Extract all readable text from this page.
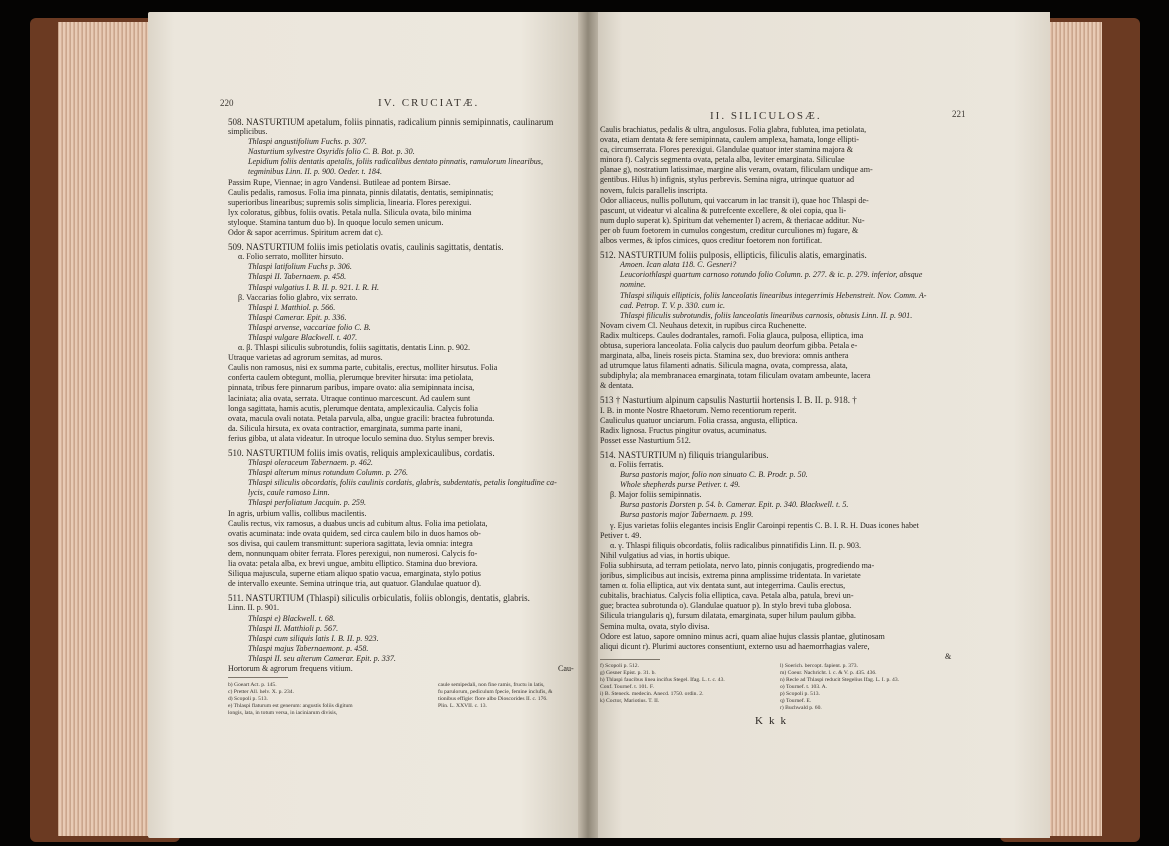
220	IV. CRUCIATÆ.
508. NASTURTIUM apetalum, foliis pinnatis, radicalium pinnis semipinnatis, caulinarum
simplicibus.
Thlaspi angustifolium Fuchs. p. 307.
Nasturtium sylvestre Osyridis folio C. B. Bot. p. 30.
Lepidium foliis dentatis apetalis, foliis radicalibus dentato pinnatis, ramulorum linearibus,
tegminibus Linn. II. p. 900. Oeder. t. 184.
Passim Rupe, Viennae; in agro Vandensi. Butileae ad pontem Birsae.
Caulis pedalis, ramosus. Folia ima pinnata, pinnis dilatatis, dentatis, semipinnatis;
superioribus linearibus; supremis solis simplicia, linearia. Flores perexigui.
lyx coloratus, gibbus, foliis ovatis. Petala nulla. Silicula ovata, bilo minima
styloque. Stamina tantum duo b). In quoque loculo semen unicum.
Odor & sapor acerrimus. Spiritum acrem dat c).

509. NASTURTIUM foliis imis petiolatis ovatis, caulinis sagittatis, dentatis.
α. Folio serrato, molliter hirsuto.
Thlaspi latifolium Fuchs p. 306.
Thlaspi II. Tabernaem. p. 458.
Thlaspi vulgatius I. B. II. p. 921. I. R. H.
β. Vaccarias folio glabro, vix serrato.
Thlaspi I. Matthiol. p. 566.
Thlaspi Camerar. Epit. p. 336.
Thlaspi arvense, vaccariae folio C. B.
Thlaspi vulgare Blackwell. t. 407.
α. β. Thlaspi siliculis subrotundis, foliis sagittatis, dentatis Linn. p. 902.
Utraque varietas ad agrorum semitas, ad muros.
Caulis non ramosus, nisi ex summa parte, cubitalis, erectus, molliter hirsutus. Folia
conferta caulem obtegunt, mollia, plerumque breviter hirsuta: ima petiolata,
pinnata, tribus fere pinnarum paribus, impare ovato: alia semipinnata incisa,
laciniata; alia ovata, serrata. Utraque continuo marcescunt. Ad caulem sunt
longa sagittata, hamis acutis, plerumque dentata, amplexicaulia. Calycis folia
ovata, macula ovali notata. Petala parvula, alba, ungue gracili: bractea fubrotunda.
da. Silicula hirsuta, ex ovata contractior, emarginata, summa parte inani,
ferius gibba, ut alata videatur. In utroque loculo semina duo. Stylus semper brevis.

510. NASTURTIUM foliis imis ovatis, reliquis amplexicaulibus, cordatis.
Thlaspi oleraceum Tabernaem. p. 462.
Thlaspi alterum minus rotundum Column. p. 276.
Thlaspi siliculis obcordatis, foliis caulinis cordatis, glabris, subdentatis, petalis longitudine ca-
lycis, caule ramoso Linn.
Thlaspi perfoliatum Jacquin. p. 259.
In agris, urbium vallis, collibus macilentis.
Caulis rectus, vix ramosus, a duabus uncis ad cubitum altus. Folia ima petiolata,
ovatis acuminata: inde ovata quidem, sed circa caulem bilo in duos hamos ob-
sos divisa, qui caulem transmittunt: superiora sagittata, levia omnia: integra
dem, nonnunquam obiter ferrata. Flores perexigui, non numerosi. Calycis fo-
lia ovata: petala alba, ex brevi ungue, ambitu elliptico. Stamina duo breviora.
Siliqua majuscula, superne etiam aliquo spatio vacua, emarginata, stylo potius
de intervallo exeunte. Semina utrinque tria, aut quatuor. Glandulae quatuor d).

511. NASTURTIUM (Thlaspi) siliculis orbiculatis, foliis oblongis, dentatis, glabris.
Linn. II. p. 901.
Thlaspi e) Blackwell. t. 68.
Thlaspi II. Matthioli p. 567.
Thlaspi cum siliquis latis I. B. II. p. 923.
Thlaspi majus Tabernaemont. p. 458.
Thlaspi II. seu alterum Camerar. Epit. p. 337.
Hortorum & agrorum frequens vitium.
b) Goeart Act. p. 145.
c) Pretter All. helv. X. p. 234.
d) Scopoli p. 513.
e) Thlaspi flaturum est generum: angustis foliis digitum
longis, lata, in totum versa, in iaciniarum divisis,
caule semipedali, non fine ramis, fructu in latis,
fu parulorum, pediculum fpecie, femine inclufis, &
tionibus effigie: flore albo Dioscorides II. c. 176.
Plin. L. XXVII. c. 13.
Cau-
II. SILICULOSÆ.	221
Caulis brachiatus, pedalis & ultra, angulosus. Folia glabra, fubluteа, ima petiolata,
ovata, etiam dentata & fere semipinnata, caulem amplexa, hamata, longe ellipti-
ca, circumserrata. Flores perexigui. Glandulae quatuor inter stamina majora &
minora f). Calycis segmenta ovata, petala alba, leviter emarginata. Siliculae
planae g), nostratium latissimae, margine alis veram, ovatam, filiculam undique am-
gentibus. Hilus h) infignis, stylus perbrevis. Semina nigra, utrinque quatuor ad
novem, fulcis parallelis inscripta.
Odor alliaceus, nullis pollutum, qui vaccarum in lac transit i), quae hoc Thlaspi de-
pascunt, ut videatur vi alcalina & putrefcente excellere, & olei copia, qua li-
num duplo superat k). Spiritum dat vehementer l) acrem, & theriacae additur. Nu-
per ob fuum foetorem in cumulos congestum, creditur curculiones m) fugare, &
albos vermes, & ipfos cimices, quos creditur foetorem non fortificat.

512. NASTURTIUM foliis pulposis, ellipticis, filiculis alatis, emarginatis.
Amoen. Ican alata 118. C. Gesneri?
Leucoriothlaspi quartum carnoso rotundo folio Column. p. 277. & ic. p. 279. inferior, absque
nomine.
Thlaspi siliquis ellipticis, foliis lanceolatis linearibus integerrimis Hebenstreit. Nov. Comm. A-
cad. Petrop. T. V. p. 330. cum ic.
Thlaspi filiculis subrotundis, foliis lanceolatis linearibus carnosis, obtusis Linn. II. p. 901.
Novam civem Cl. Neuhaus detexit, in rupibus circa Ruchenette.
Radix multiceps. Caules dodrantales, ramofi. Folia glauca, pulposa, elliptica, ima
obtusa, superiora lanceolata. Folia calycis duo paulum deorfum gibba. Petala e-
marginata, alba, lineis roseis picta. Stamina sex, duo breviora: omnis anthera
ad utrumque latus filamenti adnatis. Silicula magna, ovata, compressa, alata,
subdiphyla; ala membranacea emarginata, totam filiculam ovatam ambeunte, lacera
& dentata.

513 † Nasturtium alpinum capsulis Nasturtii hortensis I. B. II. p. 918. †
I. B. in monte Nostre Rhaetorum. Nemo recentiorum reperit.
Cauliculus quatuor unciarum. Folia crassa, angusta, elliptica.
Radix lignosa. Fructus pingitur ovatus, acuminatus.
Posset esse Nasturtium 512.

514. NASTURTIUM n) filiquis triangularibus.
α. Foliis ferratis.
Bursa pastoris major, folio non sinuato C. B. Prodr. p. 50.
Whole shepherds purse Petiver. t. 49.
β. Major foliis semipinnatis.
Bursa pastoris Dorsten p. 54. b. Camerar. Epit. p. 340. Blackwell. t. 5.
Bursa pastoris major Tabernaem. p. 199.
γ. Ejus varietas foliis elegantes incisis Englir Caroinpi repentis C. B. I. R. H. Duas icones habet
Petiver t. 49.
α. γ. Thlaspi filiquis obcordatis, foliis radicalibus pinnatifidis Linn. II. p. 903.
Nihil vulgatius ad vias, in hortis ubique.
Folia subhirsuta, ad terram petiolata, nervo lato, pinnis conjugatis, progrediendo ma-
joribus, simplicibus aut incisis, extrema pinna amplissime tridentata. In varietate
tamen α. folia elliptica, aut vix dentata sunt, aut integerrima. Caulis erectus,
cubitalis, brachiatus. Calycis folia elliptica, cava. Petala alba, patula, brevi un-
gue; bractea subrotunda o). Glandulae quatuor p). In stylo brevi tuba globosa.
Silicula triangularis q), fursum dilatata, emarginata, super hilum paulum gibba.
Semina multa, ovata, stylo divisa.
Odore est latuo, sapore omnino minus acri, quam aliae hujus classis plantae, glutinosam
aliqui dicunt r). Plurimi auctores consentiunt, externo usu ad haemorrhagias valere,
f) Scopoli p. 512.
g) Gesner Epist. p. 31. b.
h) Thlaspi faucibus linea incifus Stegel. Ifag. L. t. c. 43.
Conf. Tournef. t. 101. F.
i) B. Steneck. medecin. Anecd. 1750. ordin. 2.
k) Coctor, Mariotius. T. II.
l) Soerich. bercopt. fapient. p. 373.
m) Coeur. Nachricht. l. c. & V. p. 435. 436.
n) Recle ad Thlaspi reducit Stegelius Ifag. L. I. p. 43.
o) Tournef. t. 103. A.
p) Scopoli p. 513.
q) Tournef. E.
r) Buchwald p. 60.
&
Kkk
